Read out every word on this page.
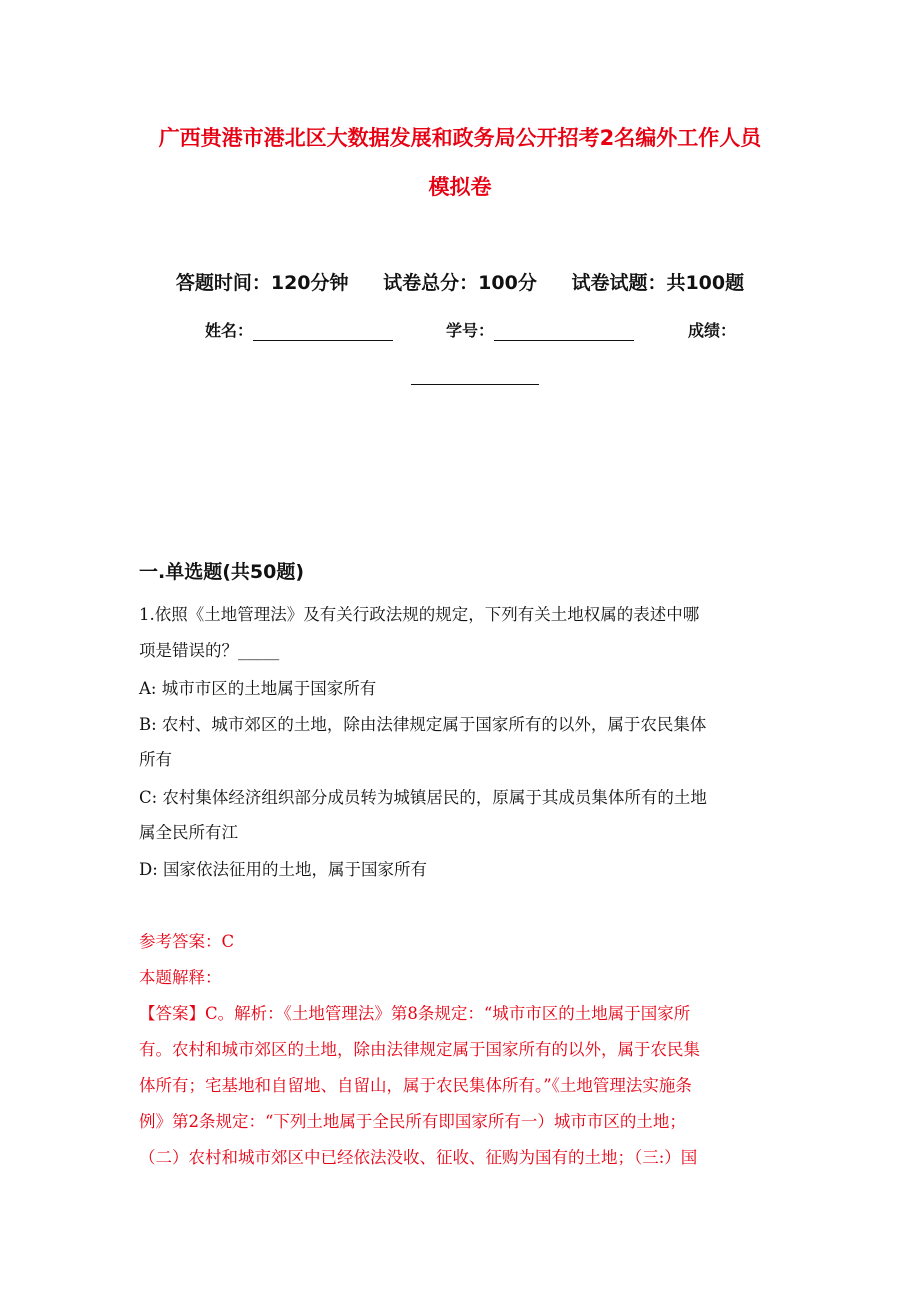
广西贵港市港北区大数据发展和政务局公开招考2名编外工作人员
模拟卷
答题时间：120分钟 试卷总分：100分 试卷试题：共100题
姓名：	学号：	成绩：
一.单选题(共50题)
1.依照《土地管理法》及有关行政法规的规定，下列有关土地权属的表述中哪
项是错误的？_____
A: 城市市区的土地属于国家所有
B: 农村、城市郊区的土地，除由法律规定属于国家所有的以外，属于农民集体
所有
C: 农村集体经济组织部分成员转为城镇居民的，原属于其成员集体所有的土地
属全民所有江
D: 国家依法征用的土地，属于国家所有
参考答案：C
本题解释：
【答案】C。解析：《土地管理法》第8条规定：“城市市区的土地属于国家所
有。农村和城市郊区的土地，除由法律规定属于国家所有的以外，属于农民集
体所有；宅基地和自留地、自留山，属于农民集体所有。”《土地管理法实施条
例》第2条规定：“下列土地属于全民所有即国家所有一）城市市区的土地；
（二）农村和城市郊区中已经依法没收、征收、征购为国有的土地；（三:）国
